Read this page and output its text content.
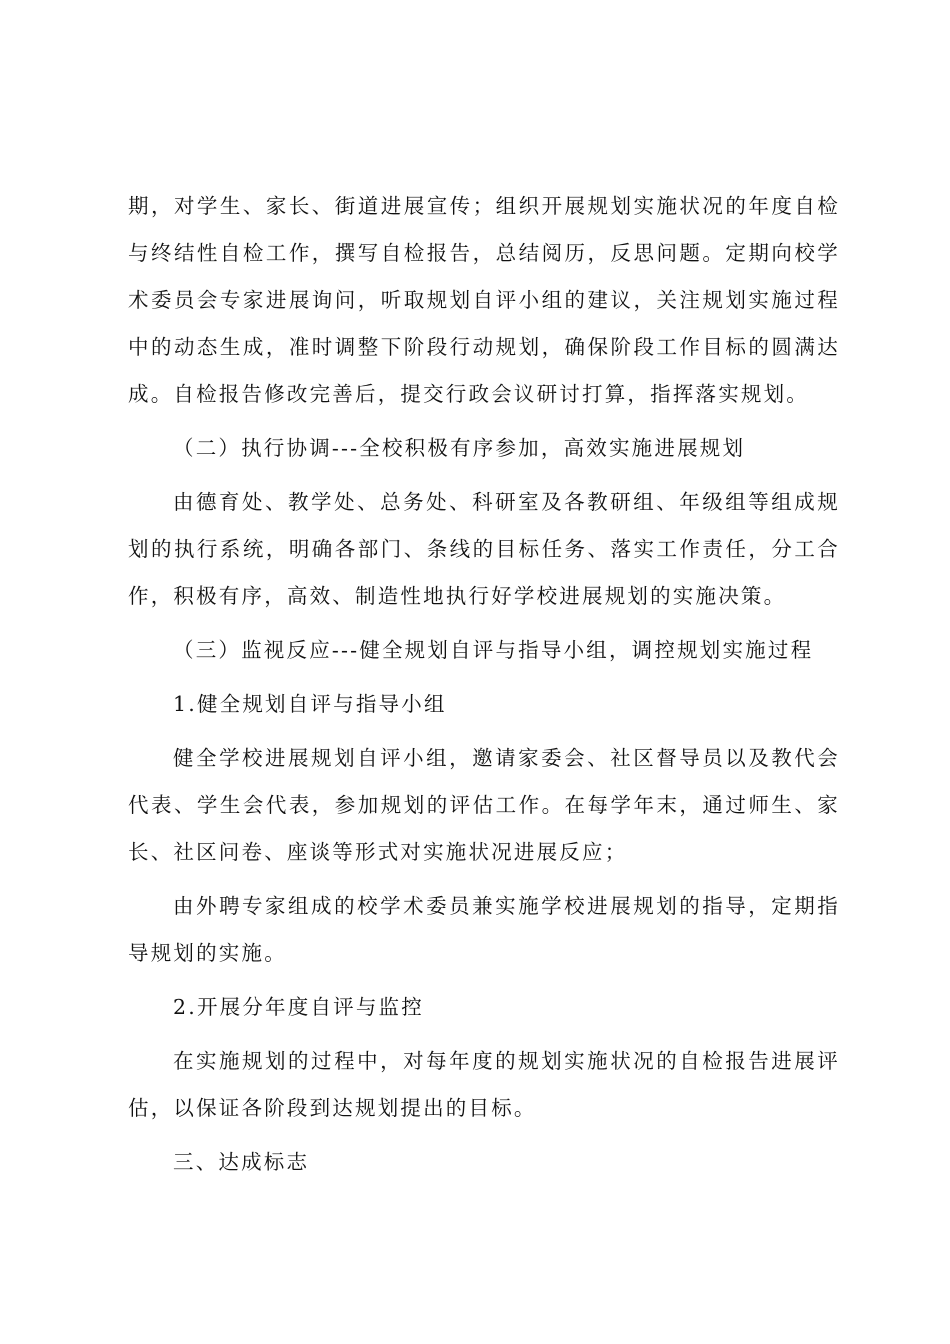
期，对学生、家长、街道进展宣传；组织开展规划实施状况的年度自检与终结性自检工作，撰写自检报告，总结阅历，反思问题。定期向校学术委员会专家进展询问，听取规划自评小组的建议，关注规划实施过程中的动态生成，准时调整下阶段行动规划，确保阶段工作目标的圆满达成。自检报告修改完善后，提交行政会议研讨打算，指挥落实规划。

（二）执行协调---全校积极有序参加，高效实施进展规划

由德育处、教学处、总务处、科研室及各教研组、年级组等组成规划的执行系统，明确各部门、条线的目标任务、落实工作责任，分工合作，积极有序，高效、制造性地执行好学校进展规划的实施决策。

（三）监视反应---健全规划自评与指导小组，调控规划实施过程

1.健全规划自评与指导小组

健全学校进展规划自评小组，邀请家委会、社区督导员以及教代会代表、学生会代表，参加规划的评估工作。在每学年末，通过师生、家长、社区问卷、座谈等形式对实施状况进展反应；

由外聘专家组成的校学术委员兼实施学校进展规划的指导，定期指导规划的实施。

2.开展分年度自评与监控

在实施规划的过程中，对每年度的规划实施状况的自检报告进展评估，以保证各阶段到达规划提出的目标。

三、达成标志
